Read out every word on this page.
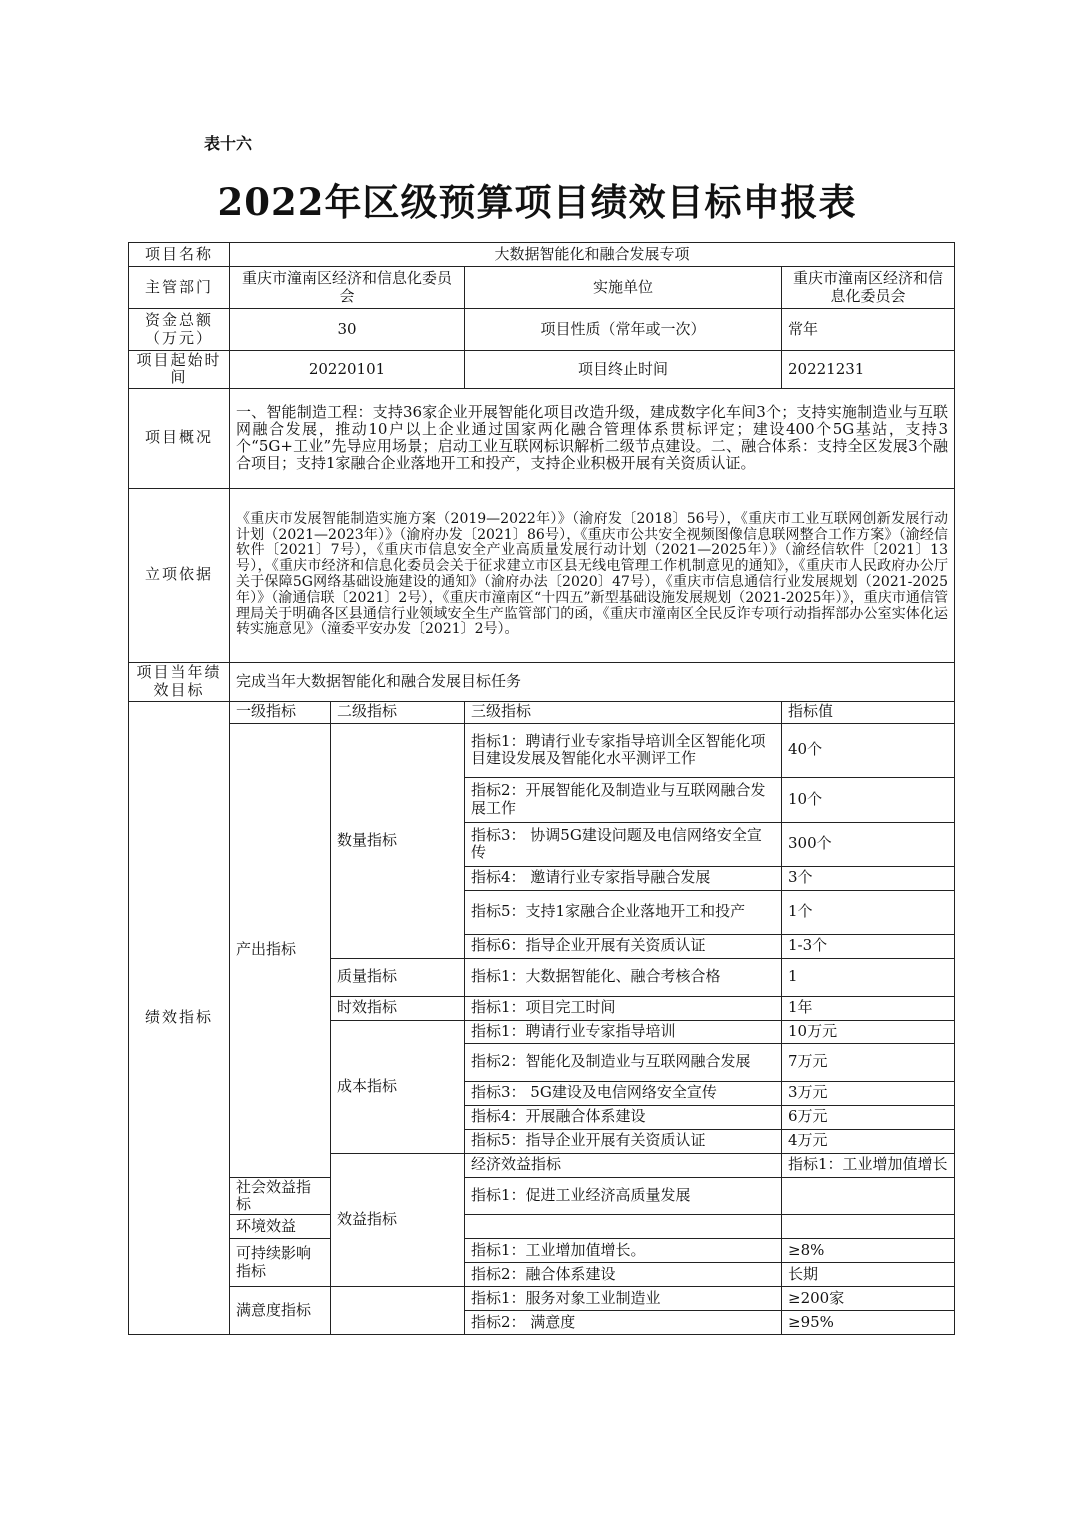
表十六
2022年区级预算项目绩效目标申报表
项目名称	大数据智能化和融合发展专项				
主管部门	重庆市潼南区经济和信息化委员会		实施单位	重庆市潼南区经济和信息化委员会	
资金总额（万元）	30		项目性质（常年或一次）	常年	
项目起始时间	20220101		项目终止时间	20221231	
项目概况	一、智能制造工程：支持36家企业开展智能化项目改造升级，建成数字化车间3个；支持实施制造业与互联网融合发展，推动10户以上企业通过国家两化融合管理体系贯标评定；建设400个5G基站，支持3个“5G+工业”先导应用场景；启动工业互联网标识解析二级节点建设。二、融合体系：支持全区发展3个融合项目；支持1家融合企业落地开工和投产，支持企业积极开展有关资质认证。				
立项依据	《重庆市发展智能制造实施方案（2019—2022年）》（渝府发〔2018〕56号），《重庆市工业互联网创新发展行动计划（2021—2023年）》（渝府办发〔2021〕86号），《重庆市公共安全视频图像信息联网整合工作方案》（渝经信软件〔2021〕7号），《重庆市信息安全产业高质量发展行动计划（2021—2025年）》（渝经信软件〔2021〕13号），《重庆市经济和信息化委员会关于征求建立市区县无线电管理工作机制意见的通知》，《重庆市人民政府办公厅关于保障5G网络基础设施建设的通知》（渝府办法〔2020〕47号），《重庆市信息通信行业发展规划（2021-2025年）》（渝通信联〔2021〕2号），《重庆市潼南区“十四五”新型基础设施发展规划（2021-2025年）》，重庆市通信管理局关于明确各区县通信行业领域安全生产监管部门的函，《重庆市潼南区全民反诈专项行动指挥部办公室实体化运转实施意见》（潼委平安办发〔2021〕2号）。				
项目当年绩效目标	完成当年大数据智能化和融合发展目标任务				
绩效指标	一级指标	二级指标	三级指标	指标值	
	产出指标	数量指标	指标1：聘请行业专家指导培训全区智能化项目建设发展及智能化水平测评工作	40个	
			指标2：开展智能化及制造业与互联网融合发展工作	10个	
			指标3： 协调5G建设问题及电信网络安全宣传	300个	
			指标4： 邀请行业专家指导融合发展	3个	
			指标5：支持1家融合企业落地开工和投产	1个	
			指标6：指导企业开展有关资质认证	1-3个	
		质量指标	指标1：大数据智能化、融合考核合格	1	
		时效指标	指标1：项目完工时间	1年	
		成本指标	指标1：聘请行业专家指导培训	10万元	
			指标2：智能化及制造业与互联网融合发展	7万元	
			指标3： 5G建设及电信网络安全宣传	3万元	
			指标4：开展融合体系建设	6万元	
			指标5：指导企业开展有关资质认证	4万元	
		效益指标	经济效益指标	指标1：工业增加值增长	
	社会效益指标		指标1：促进工业经济高质量发展		
	环境效益				
	可持续影响指标		指标1：工业增加值增长。	≥8%	
			指标2：融合体系建设	长期	
	满意度指标		指标1：服务对象工业制造业	≥200家	
			指标2： 满意度	≥95%	
